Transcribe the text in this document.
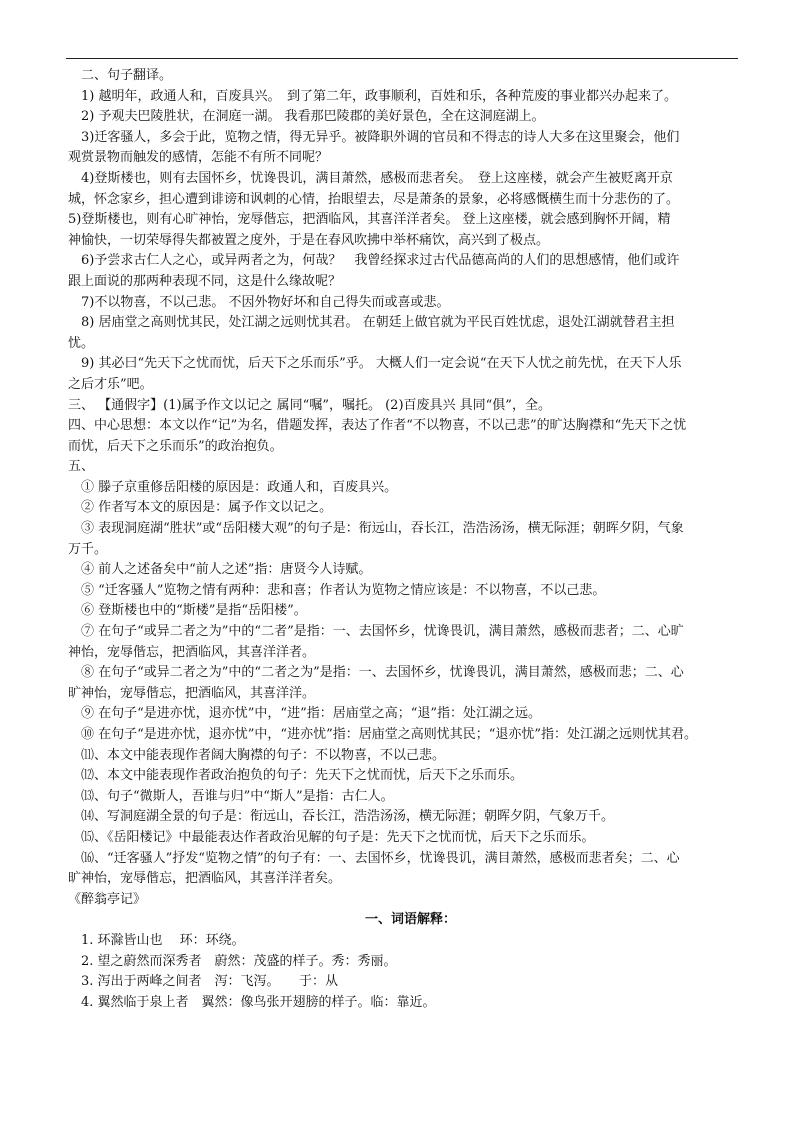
　二、句子翻译。
　1) 越明年，政通人和，百废具兴。　到了第二年，政事顺利，百姓和乐，各种荒废的事业都兴办起来了。
　2) 予观夫巴陵胜状，在洞庭一湖。 我看那巴陵郡的美好景色，全在这洞庭湖上。
　3)迁客骚人，多会于此，览物之情，得无异乎。被降职外调的官员和不得志的诗人大多在这里聚会，他们
观赏景物而触发的感情，怎能不有所不同呢？
　4)登斯楼也，则有去国怀乡，忧谗畏讥，满目萧然，感极而悲者矣。　登上这座楼，就会产生被贬离开京
城，怀念家乡，担心遭到诽谤和讽刺的心情，抬眼望去，尽是萧条的景象，必将感慨横生而十分悲伤的了。
5)登斯楼也，则有心旷神怡，宠辱偕忘，把酒临风，其喜洋洋者矣。 登上这座楼，就会感到胸怀开阔，精
神愉快，一切荣辱得失都被置之度外，于是在春风吹拂中举杯痛饮，高兴到了极点。
　6)予尝求古仁人之心，或异两者之为，何哉？　我曾经探求过古代品德高尚的人们的思想感情，他们或许
跟上面说的那两种表现不同，这是什么缘故呢？
　7)不以物喜，不以己悲。 不因外物好坏和自己得失而或喜或悲。
　8) 居庙堂之高则忧其民，处江湖之远则忧其君。 在朝廷上做官就为平民百姓忧虑，退处江湖就替君主担
忧。
　9) 其必曰“先天下之忧而忧，后天下之乐而乐”乎。 大概人们一定会说“在天下人忧之前先忧，在天下人乐
之后才乐”吧。
三、 【通假字】(1)属予作文以记之 属同“嘱”，嘱托。 (2)百废具兴 具同“俱”，全。
四、中心思想：本文以作“记”为名，借题发挥，表达了作者“不以物喜，不以己悲”的旷达胸襟和“先天下之忧
而忧，后天下之乐而乐”的政治抱负。
五、
　① 滕子京重修岳阳楼的原因是：政通人和，百废具兴。
　② 作者写本文的原因是：属予作文以记之。
　③ 表现洞庭湖“胜状”或“岳阳楼大观”的句子是：衔远山，吞长江，浩浩汤汤，横无际涯；朝晖夕阴，气象
万千。
　④ 前人之述备矣中“前人之述”指：唐贤今人诗赋。
　⑤ “迁客骚人”览物之情有两种：悲和喜；作者认为览物之情应该是：不以物喜，不以己悲。
　⑥ 登斯楼也中的“斯楼”是指“岳阳楼”。
　⑦ 在句子“或异二者之为”中的“二者”是指：一、去国怀乡，忧谗畏讥，满目萧然，感极而悲者；二、心旷
神怡，宠辱偕忘，把酒临风，其喜洋洋者。
　⑧ 在句子“或异二者之为”中的“二者之为”是指：一、去国怀乡，忧谗畏讥，满目萧然，感极而悲；二、心
旷神怡，宠辱偕忘，把酒临风，其喜洋洋。
　⑨ 在句子“是进亦忧，退亦忧”中，“进”指：居庙堂之高；“退”指：处江湖之远。
　⑩ 在句子“是进亦忧，退亦忧”中，“进亦忧”指：居庙堂之高则忧其民；“退亦忧”指：处江湖之远则忧其君。
　⑾、本文中能表现作者阔大胸襟的句子：不以物喜，不以己悲。
　⑿、本文中能表现作者政治抱负的句子：先天下之忧而忧，后天下之乐而乐。
　⒀、句子“微斯人，吾谁与归”中“斯人”是指：古仁人。
　⒁、写洞庭湖全景的句子是：衔远山，吞长江，浩浩汤汤，横无际涯；朝晖夕阴，气象万千。
　⒂、《岳阳楼记》中最能表达作者政治见解的句子是：先天下之忧而忧，后天下之乐而乐。
　⒃、“迁客骚人”抒发“览物之情”的句子有：一、去国怀乡，忧谗畏讥，满目萧然，感极而悲者矣；二、心
旷神怡，宠辱偕忘，把酒临风，其喜洋洋者矣。
《醉翁亭记》
　一、词语解释：
　1. 环滁皆山也　 环：环绕。
　2. 望之蔚然而深秀者　蔚然：茂盛的样子。秀：秀丽。
　3. 泻出于两峰之间者　泻：飞泻。　　于：从
　4. 翼然临于泉上者　翼然：像鸟张开翅膀的样子。临：靠近。
